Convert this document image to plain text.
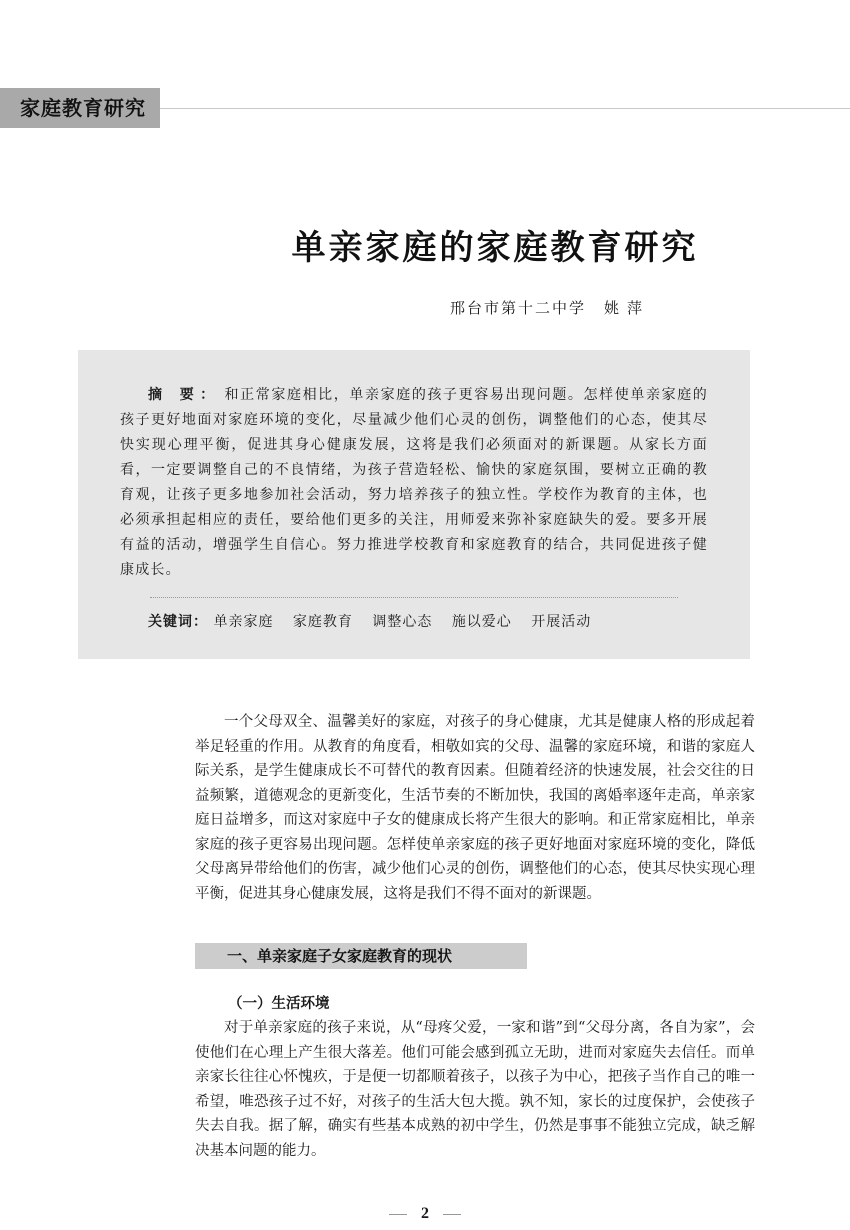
家庭教育研究
单亲家庭的家庭教育研究
邢台市第十二中学 姚萍
摘 要： 和正常家庭相比，单亲家庭的孩子更容易出现问题。怎样使单亲家庭的孩子更好地面对家庭环境的变化，尽量减少他们心灵的创伤，调整他们的心态，使其尽快实现心理平衡，促进其身心健康发展，这将是我们必须面对的新课题。从家长方面看，一定要调整自己的不良情绪，为孩子营造轻松、愉快的家庭氛围，要树立正确的教育观，让孩子更多地参加社会活动，努力培养孩子的独立性。学校作为教育的主体，也必须承担起相应的责任，要给他们更多的关注，用师爱来弥补家庭缺失的爱。要多开展有益的活动，增强学生自信心。努力推进学校教育和家庭教育的结合，共同促进孩子健康成长。
关键词： 单亲家庭 家庭教育 调整心态 施以爱心 开展活动

一个父母双全、温馨美好的家庭，对孩子的身心健康，尤其是健康人格的形成起着举足轻重的作用。从教育的角度看，相敬如宾的父母、温馨的家庭环境，和谐的家庭人际关系，是学生健康成长不可替代的教育因素。但随着经济的快速发展，社会交往的日益频繁，道德观念的更新变化，生活节奏的不断加快，我国的离婚率逐年走高，单亲家庭日益增多，而这对家庭中子女的健康成长将产生很大的影响。和正常家庭相比，单亲家庭的孩子更容易出现问题。怎样使单亲家庭的孩子更好地面对家庭环境的变化，降低父母离异带给他们的伤害，减少他们心灵的创伤，调整他们的心态，使其尽快实现心理平衡，促进其身心健康发展，这将是我们不得不面对的新课题。

一、单亲家庭子女家庭教育的现状
（一）生活环境

对于单亲家庭的孩子来说，从“母疼父爱，一家和谐”到“父母分离，各自为家”，会使他们在心理上产生很大落差。他们可能会感到孤立无助，进而对家庭失去信任。而单亲家长往往心怀愧疚，于是便一切都顺着孩子，以孩子为中心，把孩子当作自己的唯一希望，唯恐孩子过不好，对孩子的生活大包大揽。孰不知，家长的过度保护，会使孩子失去自我。据了解，确实有些基本成熟的初中学生，仍然是事事不能独立完成，缺乏解决基本问题的能力。

2
